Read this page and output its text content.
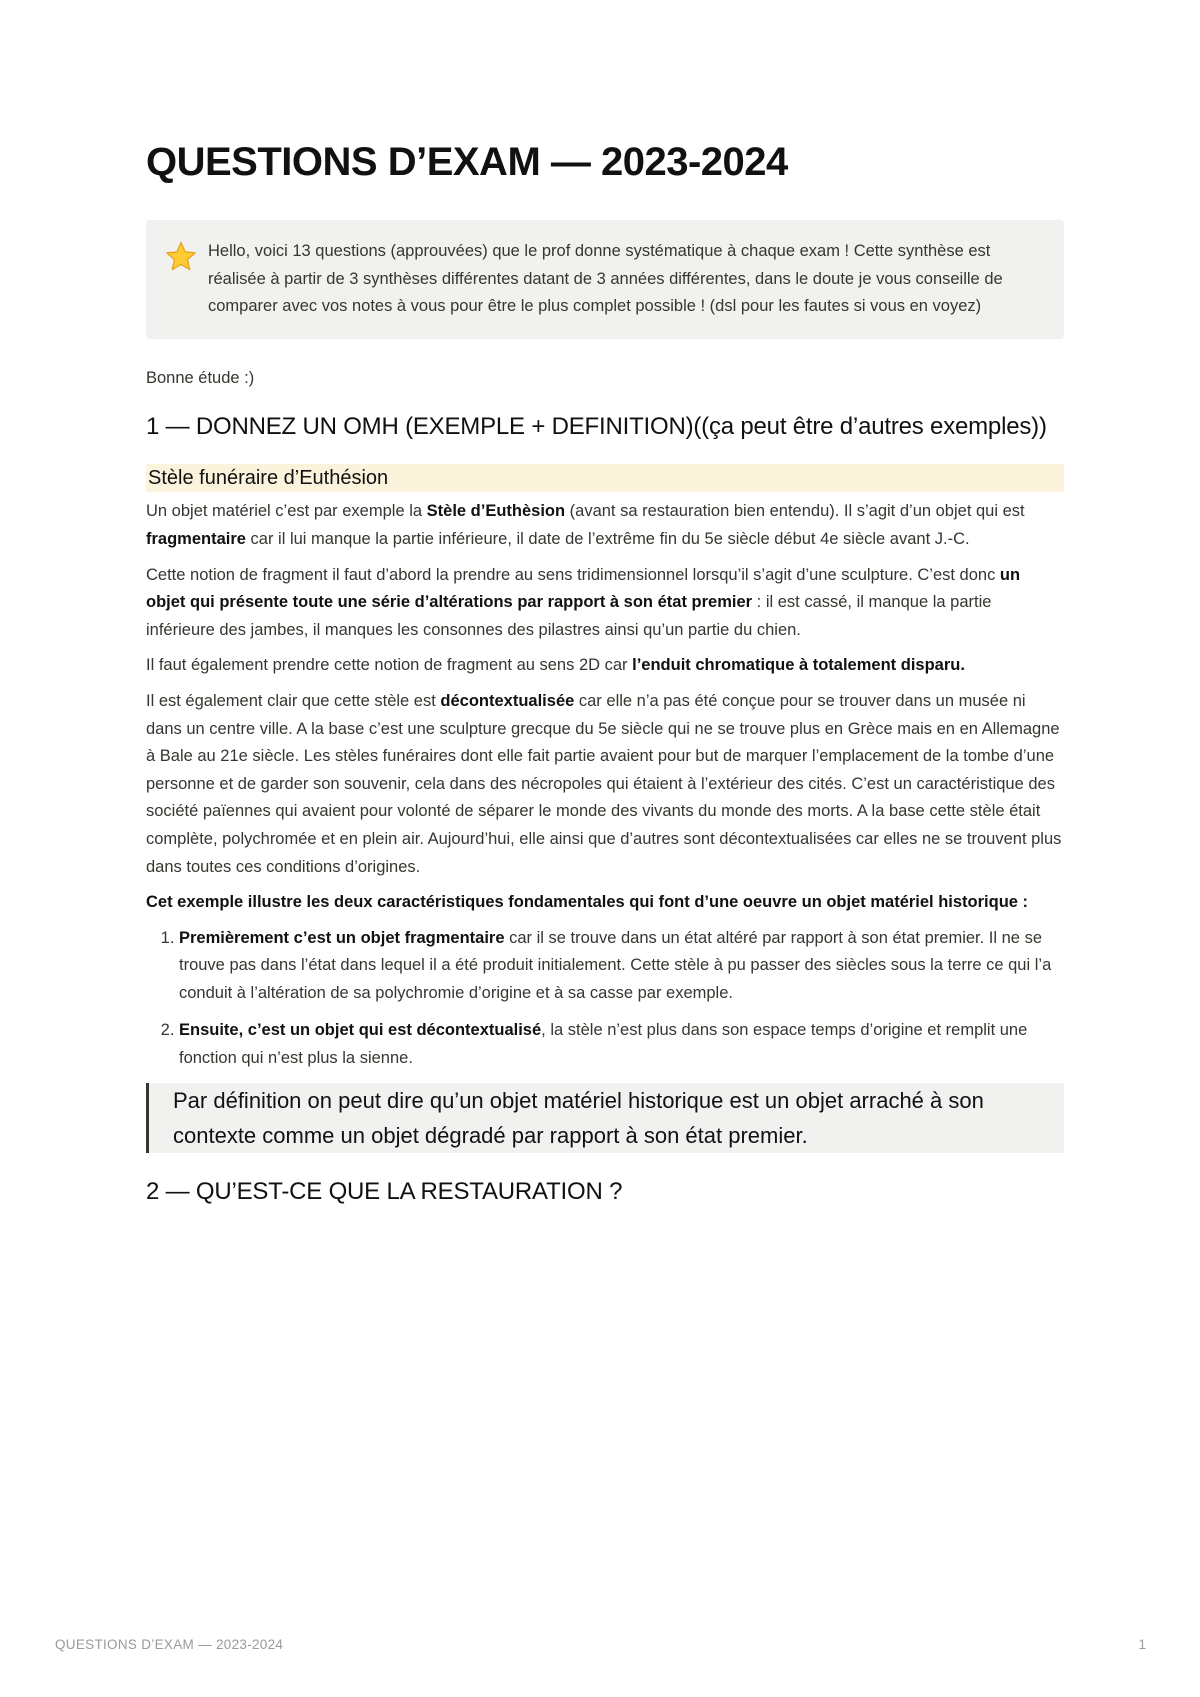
QUESTIONS D’EXAM — 2023-2024
Hello, voici 13 questions (approuvées) que le prof donne systématique à chaque exam ! Cette synthèse est réalisée à partir de 3 synthèses différentes datant de 3 années différentes, dans le doute je vous conseille de comparer avec vos notes à vous pour être le plus complet possible ! (dsl pour les fautes si vous en voyez)

Bonne étude :)

1 — DONNEZ UN OMH (EXEMPLE + DEFINITION)((ça peut être d’autres exemples))
Stèle funéraire d’Euthésion

Un objet matériel c’est par exemple la Stèle d’Euthèsion (avant sa restauration bien entendu). Il s’agit d’un objet qui est fragmentaire car il lui manque la partie inférieure, il date de l’extrême fin du 5e siècle début 4e siècle avant J.-C.

Cette notion de fragment il faut d’abord la prendre au sens tridimensionnel lorsqu’il s’agit d’une sculpture. C’est donc un objet qui présente toute une série d’altérations par rapport à son état premier : il est cassé, il manque la partie inférieure des jambes, il manques les consonnes des pilastres ainsi qu’un partie du chien.

Il faut également prendre cette notion de fragment au sens 2D car l’enduit chromatique à totalement disparu.

Il est également clair que cette stèle est décontextualisée car elle n’a pas été conçue pour se trouver dans un musée ni dans un centre ville. A la base c’est une sculpture grecque du 5e siècle qui ne se trouve plus en Grèce mais en en Allemagne à Bale au 21e siècle. Les stèles funéraires dont elle fait partie avaient pour but de marquer l’emplacement de la tombe d’une personne et de garder son souvenir, cela dans des nécropoles qui étaient à l’extérieur des cités. C’est un caractéristique des société païennes qui avaient pour volonté de séparer le monde des vivants du monde des morts. A la base cette stèle était complète, polychromée et en plein air. Aujourd’hui, elle ainsi que d’autres sont décontextualisées car elles ne se trouvent plus dans toutes ces conditions d’origines.

Cet exemple illustre les deux caractéristiques fondamentales qui font d’une oeuvre un objet matériel historique :

1. Premièrement c’est un objet fragmentaire car il se trouve dans un état altéré par rapport à son état premier. Il ne se trouve pas dans l’état dans lequel il a été produit initialement. Cette stèle à pu passer des siècles sous la terre ce qui l’a conduit à l’altération de sa polychromie d’origine et à sa casse par exemple.
2. Ensuite, c’est un objet qui est décontextualisé, la stèle n’est plus dans son espace temps d’origine et remplit une fonction qui n’est plus la sienne.
Par définition on peut dire qu’un objet matériel historique est un objet arraché à son contexte comme un objet dégradé par rapport à son état premier.
2 — QU’EST-CE QUE LA RESTAURATION ?
QUESTIONS D’EXAM — 2023-2024	1
